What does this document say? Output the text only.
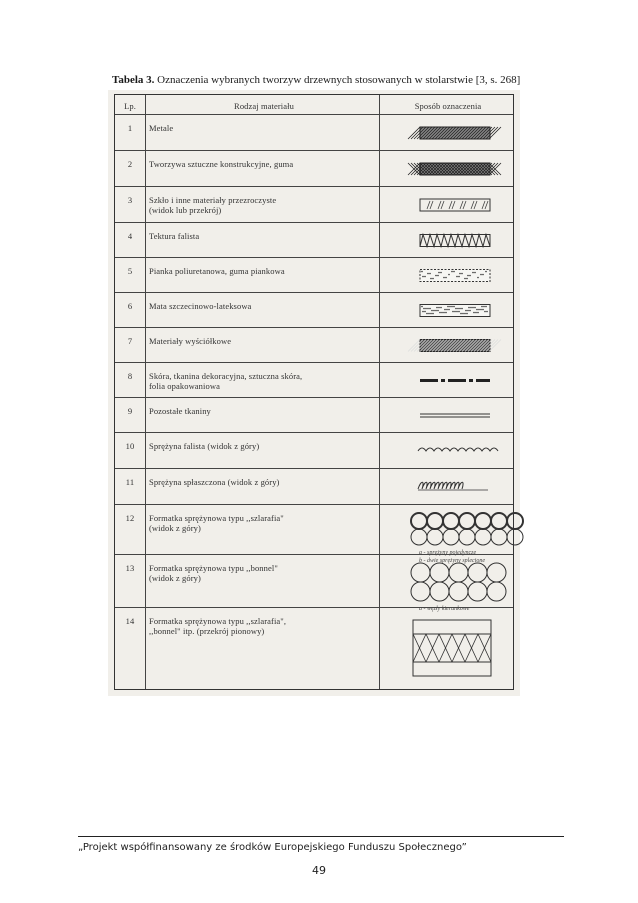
Tabela 3. Oznaczenia wybranych tworzyw drzewnych stosowanych w stolarstwie [3, s. 268]
Lp.	Rodzaj materiału	Sposób oznaczenia
1	Metale
2	Tworzywa sztuczne konstrukcyjne, guma
3	Szkło i inne materiały przezroczyste
(widok lub przekrój)
4	Tektura falista
5	Pianka poliuretanowa, guma piankowa
6	Mata szczecinowo-lateksowa
7	Materiały wyściółkowe
8	Skóra, tkanina dekoracyjna, sztuczna skóra,
folia opakowaniowa
9	Pozostałe tkaniny
10	Sprężyna falista (widok z góry)
11	Sprężyna spłaszczona (widok z góry)
12	Formatka sprężynowa typu ,,szlarafia"
(widok z góry)
a - sprężyny pojedyncze
b - dwie sprężyny splecione
13	Formatka sprężynowa typu ,,bonnel"
(widok z góry)
a - węzły kierunkowe
14	Formatka sprężynowa typu ,,szlarafia",
,,bonnel" itp. (przekrój pionowy)
„Projekt współfinansowany ze środków Europejskiego Funduszu Społecznego”
49
